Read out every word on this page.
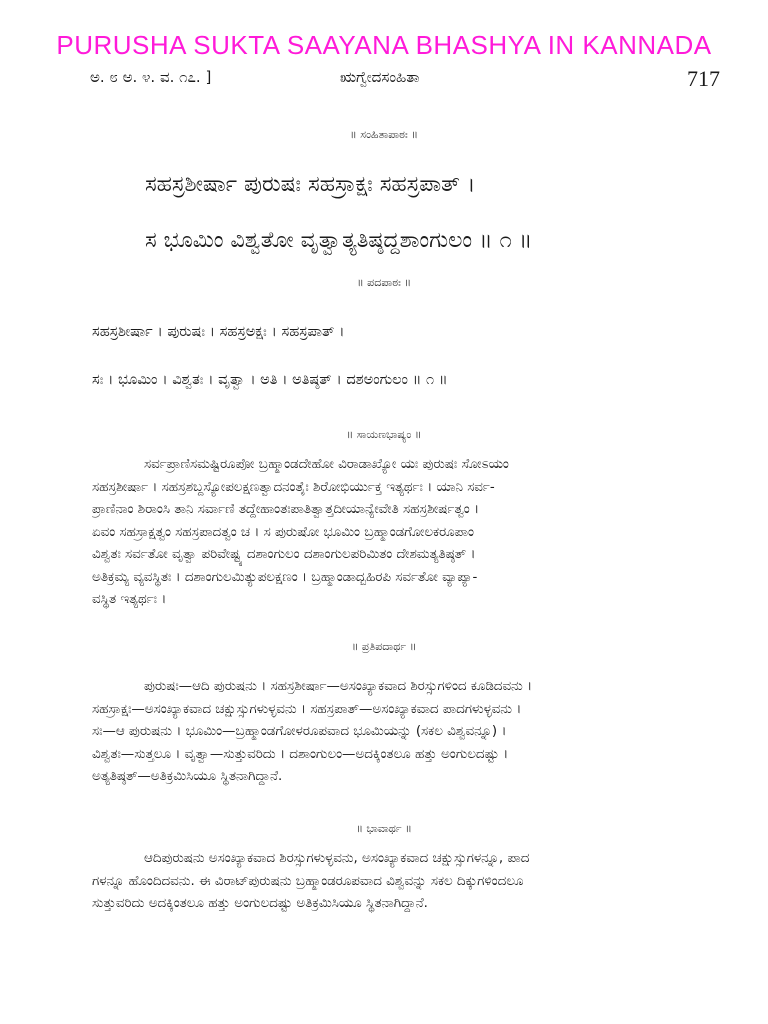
PURUSHA SUKTA SAAYANA BHASHYA IN KANNADA
ಅ. ೮ ಅ. ೪. ವ. ೧೭. ]	ಋಗ್ವೇದಸಂಹಿತಾ	717
॥ ಸಂಹಿತಾಪಾಠಃ ॥
ಸಹಸ್ರಶೀರ್ಷಾ ಪುರುಷಃ ಸಹಸ್ರಾಕ್ಷಃ ಸಹಸ್ರಪಾತ್ ।
ಸ ಭೂಮಿಂ ವಿಶ್ವತೋ ವೃತ್ವಾತ್ಯತಿಷ್ಠದ್ದಶಾಂಗುಲಂ ॥ ೧ ॥
॥ ಪದಪಾಠಃ ॥
ಸಹಸ್ರಶೀರ್ಷಾ । ಪುರುಷಃ । ಸಹಸ್ರಅಕ್ಷಃ । ಸಹಸ್ರಪಾತ್ ।
ಸಃ । ಭೂಮಿಂ । ವಿಶ್ವತಃ । ವೃತ್ವಾ । ಅತಿ । ಅತಿಷ್ಠತ್ । ದಶಅಂಗುಲಂ ॥ ೧ ॥
॥ ಸಾಯಣಭಾಷ್ಯಂ ॥
ಸರ್ವಪ್ರಾಣಿಸಮಷ್ಟಿರೂಪೋ ಬ್ರಹ್ಮಾಂಡದೇಹೋ ವಿರಾಡಾಖ್ಯೋ ಯಃ ಪುರುಷಃ ಸೋಽಯಂ
ಸಹಸ್ರಶೀರ್ಷಾ । ಸಹಸ್ರಶಬ್ದಸ್ಯೋಪಲಕ್ಷಣತ್ವಾದನಂತೈಃ ಶಿರೋಭಿರ್ಯುಕ್ತ ಇತ್ಯರ್ಥಃ । ಯಾನಿ ಸರ್ವ-
ಪ್ರಾಣಿನಾಂ ಶಿರಾಂಸಿ ತಾನಿ ಸರ್ವಾಣಿ ತದ್ದೇಹಾಂತಃಪಾತಿತ್ವಾತ್ತದೀಯಾನ್ಯೇವೇತಿ ಸಹಸ್ರಶೀರ್ಷತ್ವಂ ।
ಏವಂ ಸಹಸ್ರಾಕ್ಷತ್ವಂ ಸಹಸ್ರಪಾದತ್ವಂ ಚ । ಸ ಪುರುಷೋ ಭೂಮಿಂ ಬ್ರಹ್ಮಾಂಡಗೋಲಕರೂಪಾಂ
ವಿಶ್ವತಃ ಸರ್ವತೋ ವೃತ್ವಾ ಪರಿವೇಷ್ಟ್ಯ ದಶಾಂಗುಲಂ ದಶಾಂಗುಲಪರಿಮಿತಂ ದೇಶಮತ್ಯತಿಷ್ಠತ್ ।
ಅತಿಕ್ರಮ್ಯ ವ್ಯವಸ್ಥಿತಃ । ದಶಾಂಗುಲಮಿತ್ಯುಪಲಕ್ಷಣಂ । ಬ್ರಹ್ಮಾಂಡಾದ್ಬಹಿರಪಿ ಸರ್ವತೋ ವ್ಯಾಪ್ಯಾ-
ವಸ್ಥಿತ ಇತ್ಯರ್ಥಃ ।
॥ ಪ್ರತಿಪದಾರ್ಥ ॥
ಪುರುಷಃ—ಆದಿ ಪುರುಷನು । ಸಹಸ್ರಶೀರ್ಷಾ—ಅಸಂಖ್ಯಾಕವಾದ ಶಿರಸ್ಸುಗಳಿಂದ ಕೂಡಿದವನು ।
ಸಹಸ್ರಾಕ್ಷಃ—ಅಸಂಖ್ಯಾಕವಾದ ಚಕ್ಷುಸ್ಸುಗಳುಳ್ಳವನು । ಸಹಸ್ರಪಾತ್—ಅಸಂಖ್ಯಾಕವಾದ ಪಾದಗಳುಳ್ಳವನು ।
ಸಃ—ಆ ಪುರುಷನು । ಭೂಮಿಂ—ಬ್ರಹ್ಮಾಂಡಗೋಳರೂಪವಾದ ಭೂಮಿಯನ್ನು (ಸಕಲ ವಿಶ್ವವನ್ನೂ) ।
ವಿಶ್ವತಃ—ಸುತ್ತಲೂ । ವೃತ್ವಾ—ಸುತ್ತುವರಿದು । ದಶಾಂಗುಲಂ—ಅದಕ್ಕಿಂತಲೂ ಹತ್ತು ಅಂಗುಲದಷ್ಟು ।
ಅತ್ಯತಿಷ್ಠತ್—ಅತಿಕ್ರಮಿಸಿಯೂ ಸ್ಥಿತನಾಗಿದ್ದಾನೆ.
॥ ಭಾವಾರ್ಥ ॥
ಆದಿಪುರುಷನು ಅಸಂಖ್ಯಾಕವಾದ ಶಿರಸ್ಸುಗಳುಳ್ಳವನು, ಅಸಂಖ್ಯಾಕವಾದ ಚಕ್ಷುಸ್ಸುಗಳನ್ನೂ, ಪಾದ
ಗಳನ್ನೂ ಹೊಂದಿದವನು. ಈ ವಿರಾಟ್‌ಪುರುಷನು ಬ್ರಹ್ಮಾಂಡರೂಪವಾದ ವಿಶ್ವವನ್ನು ಸಕಲ ದಿಕ್ಕುಗಳಿಂದಲೂ
ಸುತ್ತುವರಿದು ಅದಕ್ಕಿಂತಲೂ ಹತ್ತು ಅಂಗುಲದಷ್ಟು ಅತಿಕ್ರಮಿಸಿಯೂ ಸ್ಥಿತನಾಗಿದ್ದಾನೆ.
